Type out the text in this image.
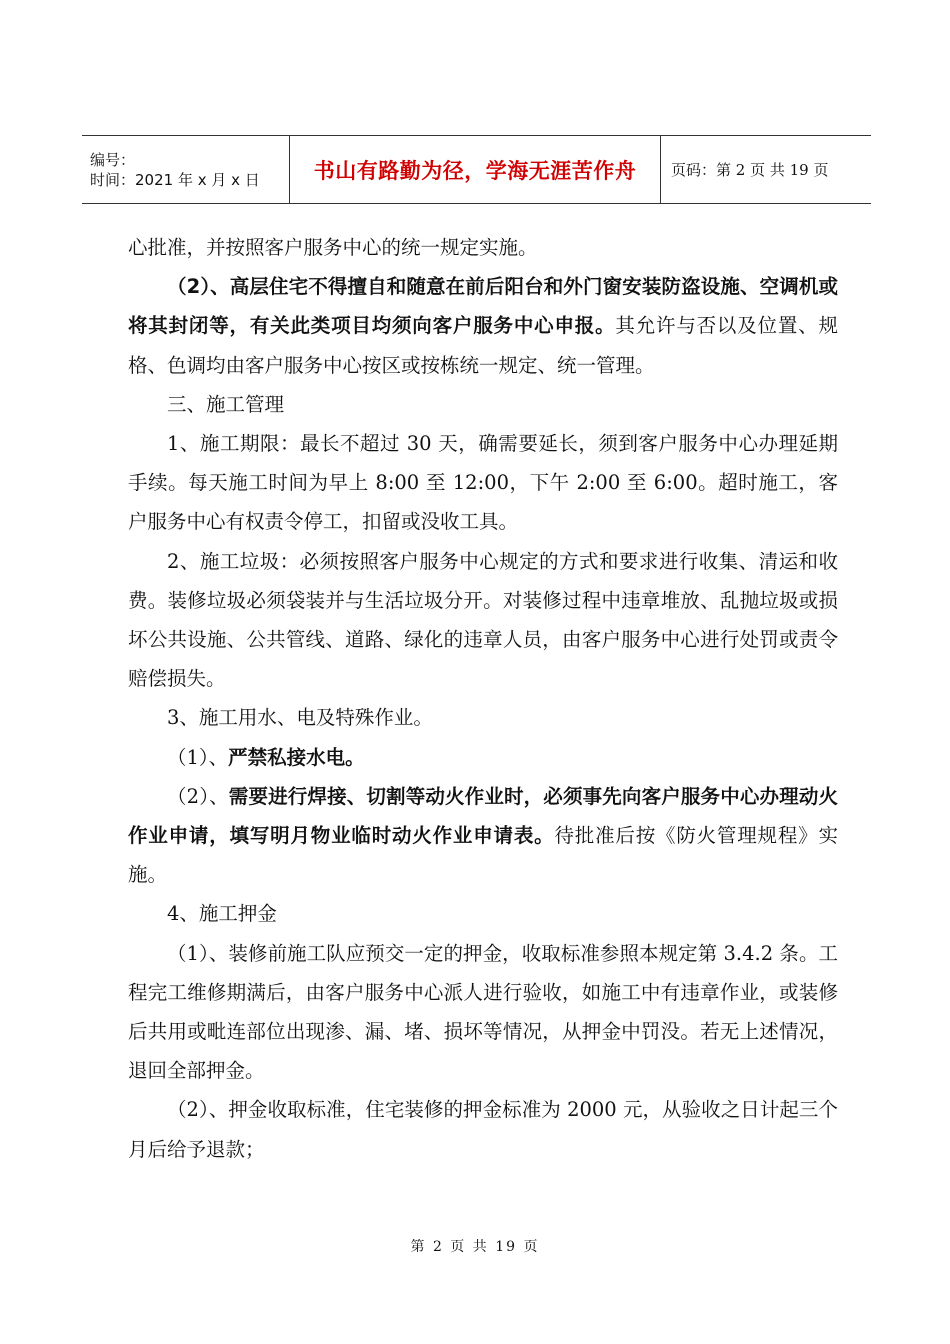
编号：
时间：2021 年 x 月 x 日	书山有路勤为径，学海无涯苦作舟	页码：第 2 页 共 19 页

心批准，并按照客户服务中心的统一规定实施。

（2）、高层住宅不得擅自和随意在前后阳台和外门窗安装防盗设施、空调机或将其封闭等，有关此类项目均须向客户服务中心申报。其允许与否以及位置、规格、色调均由客户服务中心按区或按栋统一规定、统一管理。

三、施工管理

1、施工期限：最长不超过 30 天，确需要延长，须到客户服务中心办理延期手续。每天施工时间为早上 8:00 至 12:00，下午 2:00 至 6:00。超时施工，客户服务中心有权责令停工，扣留或没收工具。

2、施工垃圾：必须按照客户服务中心规定的方式和要求进行收集、清运和收费。装修垃圾必须袋装并与生活垃圾分开。对装修过程中违章堆放、乱抛垃圾或损坏公共设施、公共管线、道路、绿化的违章人员，由客户服务中心进行处罚或责令赔偿损失。

3、施工用水、电及特殊作业。

（1）、严禁私接水电。

（2）、需要进行焊接、切割等动火作业时，必须事先向客户服务中心办理动火作业申请，填写明月物业临时动火作业申请表。待批准后按《防火管理规程》实施。

4、施工押金

（1）、装修前施工队应预交一定的押金，收取标准参照本规定第 3.4.2 条。工程完工维修期满后，由客户服务中心派人进行验收，如施工中有违章作业，或装修后共用或毗连部位出现渗、漏、堵、损坏等情况，从押金中罚没。若无上述情况，退回全部押金。

（2）、押金收取标准，住宅装修的押金标准为 2000 元，从验收之日计起三个月后给予退款；

第 2 页 共 19 页
